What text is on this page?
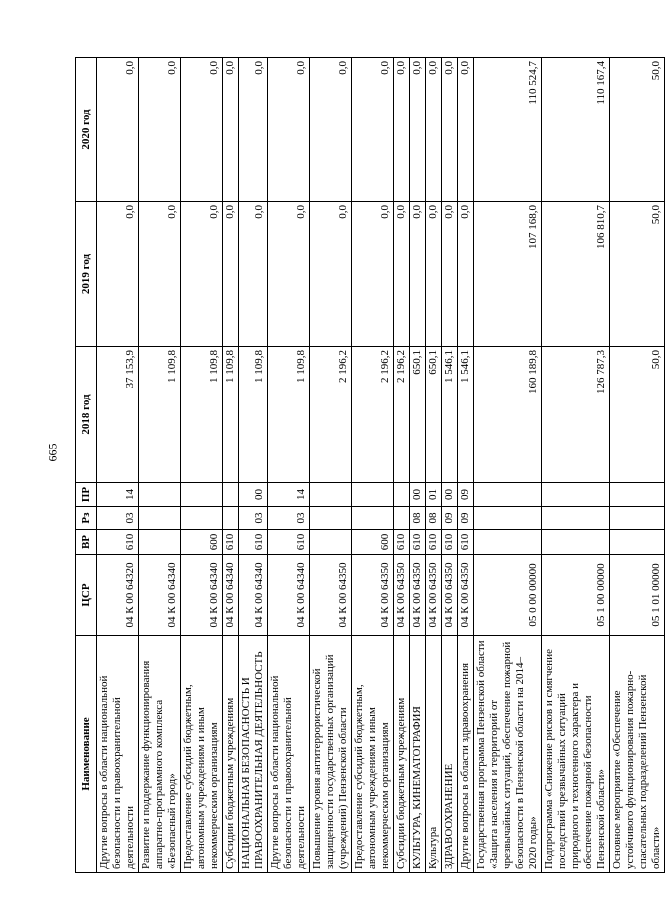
665
Наименование	ЦСР	ВР	Рз	ПР	2018 год	2019 год	2020 год
Другие вопросы в области национальной безопасности и правоохранительной деятельности	04 К 00 64320	610	03	14	37 153,9	0,0	0,0
Развитие и поддержание функционирования аппаратно-программного комплекса «Безопасный город»	04 К 00 64340				1 109,8	0,0	0,0
Предоставление субсидий бюджетным, автономным учреждениям и иным некоммерческим организациям	04 К 00 64340	600			1 109,8	0,0	0,0
Субсидии бюджетным учреждениям	04 К 00 64340	610			1 109,8	0,0	0,0
НАЦИОНАЛЬНАЯ БЕЗОПАСНОСТЬ И ПРАВООХРАНИТЕЛЬНАЯ ДЕЯТЕЛЬНОСТЬ	04 К 00 64340	610	03	00	1 109,8	0,0	0,0
Другие вопросы в области национальной безопасности и правоохранительной деятельности	04 К 00 64340	610	03	14	1 109,8	0,0	0,0
Повышение уровня антитеррористической защищенности государственных организаций (учреждений) Пензенской области	04 К 00 64350				2 196,2	0,0	0,0
Предоставление субсидий бюджетным, автономным учреждениям и иным некоммерческим организациям	04 К 00 64350	600			2 196,2	0,0	0,0
Субсидии бюджетным учреждениям	04 К 00 64350	610			2 196,2	0,0	0,0
КУЛЬТУРА, КИНЕМАТОГРАФИЯ	04 К 00 64350	610	08	00	650,1	0,0	0,0
Культура	04 К 00 64350	610	08	01	650,1	0,0	0,0
ЗДРАВООХРАНЕНИЕ	04 К 00 64350	610	09	00	1 546,1	0,0	0,0
Другие вопросы в области здравоохранения	04 К 00 64350	610	09	09	1 546,1	0,0	0,0
Государственная программа Пензенской области «Защита населения и территорий от чрезвычайных ситуаций, обеспечение пожарной безопасности в Пензенской области на 2014–2020 годы»	05 0 00 00000				160 189,8	107 168,0	110 524,7
Подпрограмма «Снижение рисков и смягчение последствий чрезвычайных ситуаций природного и техногенного характера и обеспечение пожарной безопасности Пензенской области»	05 1 00 00000				126 787,3	106 810,7	110 167,4
Основное мероприятие «Обеспечение устойчивого функционирования пожарно-спасательных подразделений Пензенской области»	05 1 01 00000				50,0	50,0	50,0
